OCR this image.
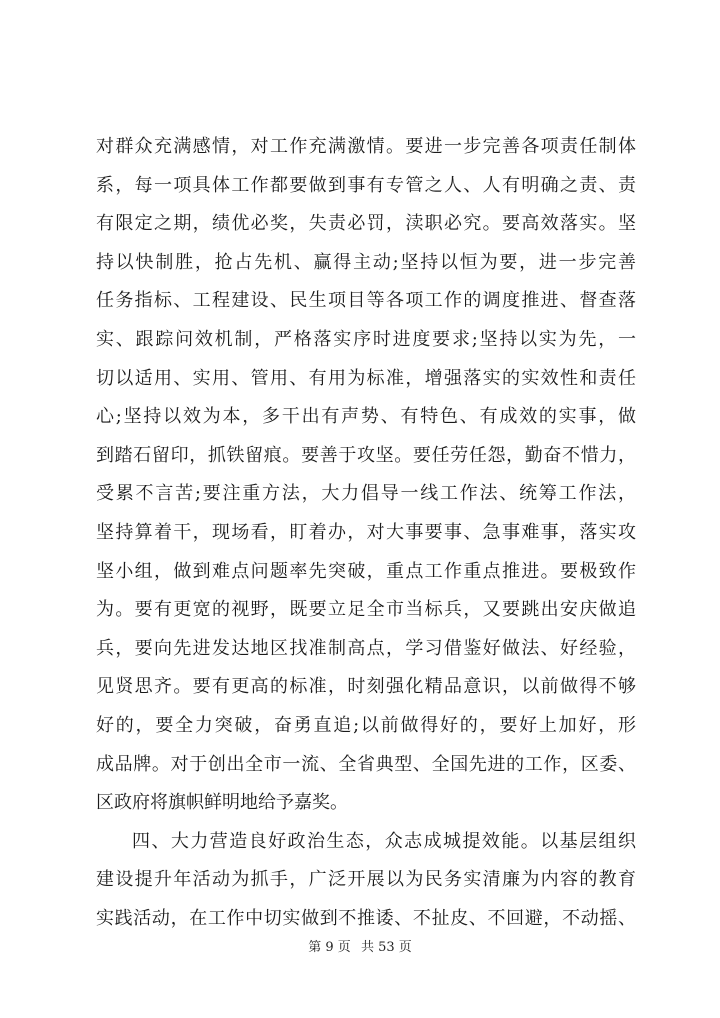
对群众充满感情，对工作充满激情。要进一步完善各项责任制体
系，每一项具体工作都要做到事有专管之人、人有明确之责、责
有限定之期，绩优必奖，失责必罚，渎职必究。要高效落实。坚
持以快制胜，抢占先机、赢得主动;坚持以恒为要，进一步完善
任务指标、工程建设、民生项目等各项工作的调度推进、督查落
实、跟踪问效机制，严格落实序时进度要求;坚持以实为先，一
切以适用、实用、管用、有用为标准，增强落实的实效性和责任
心;坚持以效为本，多干出有声势、有特色、有成效的实事，做
到踏石留印，抓铁留痕。要善于攻坚。要任劳任怨，勤奋不惜力，
受累不言苦;要注重方法，大力倡导一线工作法、统筹工作法，
坚持算着干，现场看，盯着办，对大事要事、急事难事，落实攻
坚小组，做到难点问题率先突破，重点工作重点推进。要极致作
为。要有更宽的视野，既要立足全市当标兵，又要跳出安庆做追
兵，要向先进发达地区找准制高点，学习借鉴好做法、好经验，
见贤思齐。要有更高的标准，时刻强化精品意识，以前做得不够
好的，要全力突破，奋勇直追;以前做得好的，要好上加好，形
成品牌。对于创出全市一流、全省典型、全国先进的工作，区委、
区政府将旗帜鲜明地给予嘉奖。
四、大力营造良好政治生态，众志成城提效能。以基层组织
建设提升年活动为抓手，广泛开展以为民务实清廉为内容的教育
实践活动，在工作中切实做到不推诿、不扯皮、不回避，不动摇、
第 9 页 共 53 页
